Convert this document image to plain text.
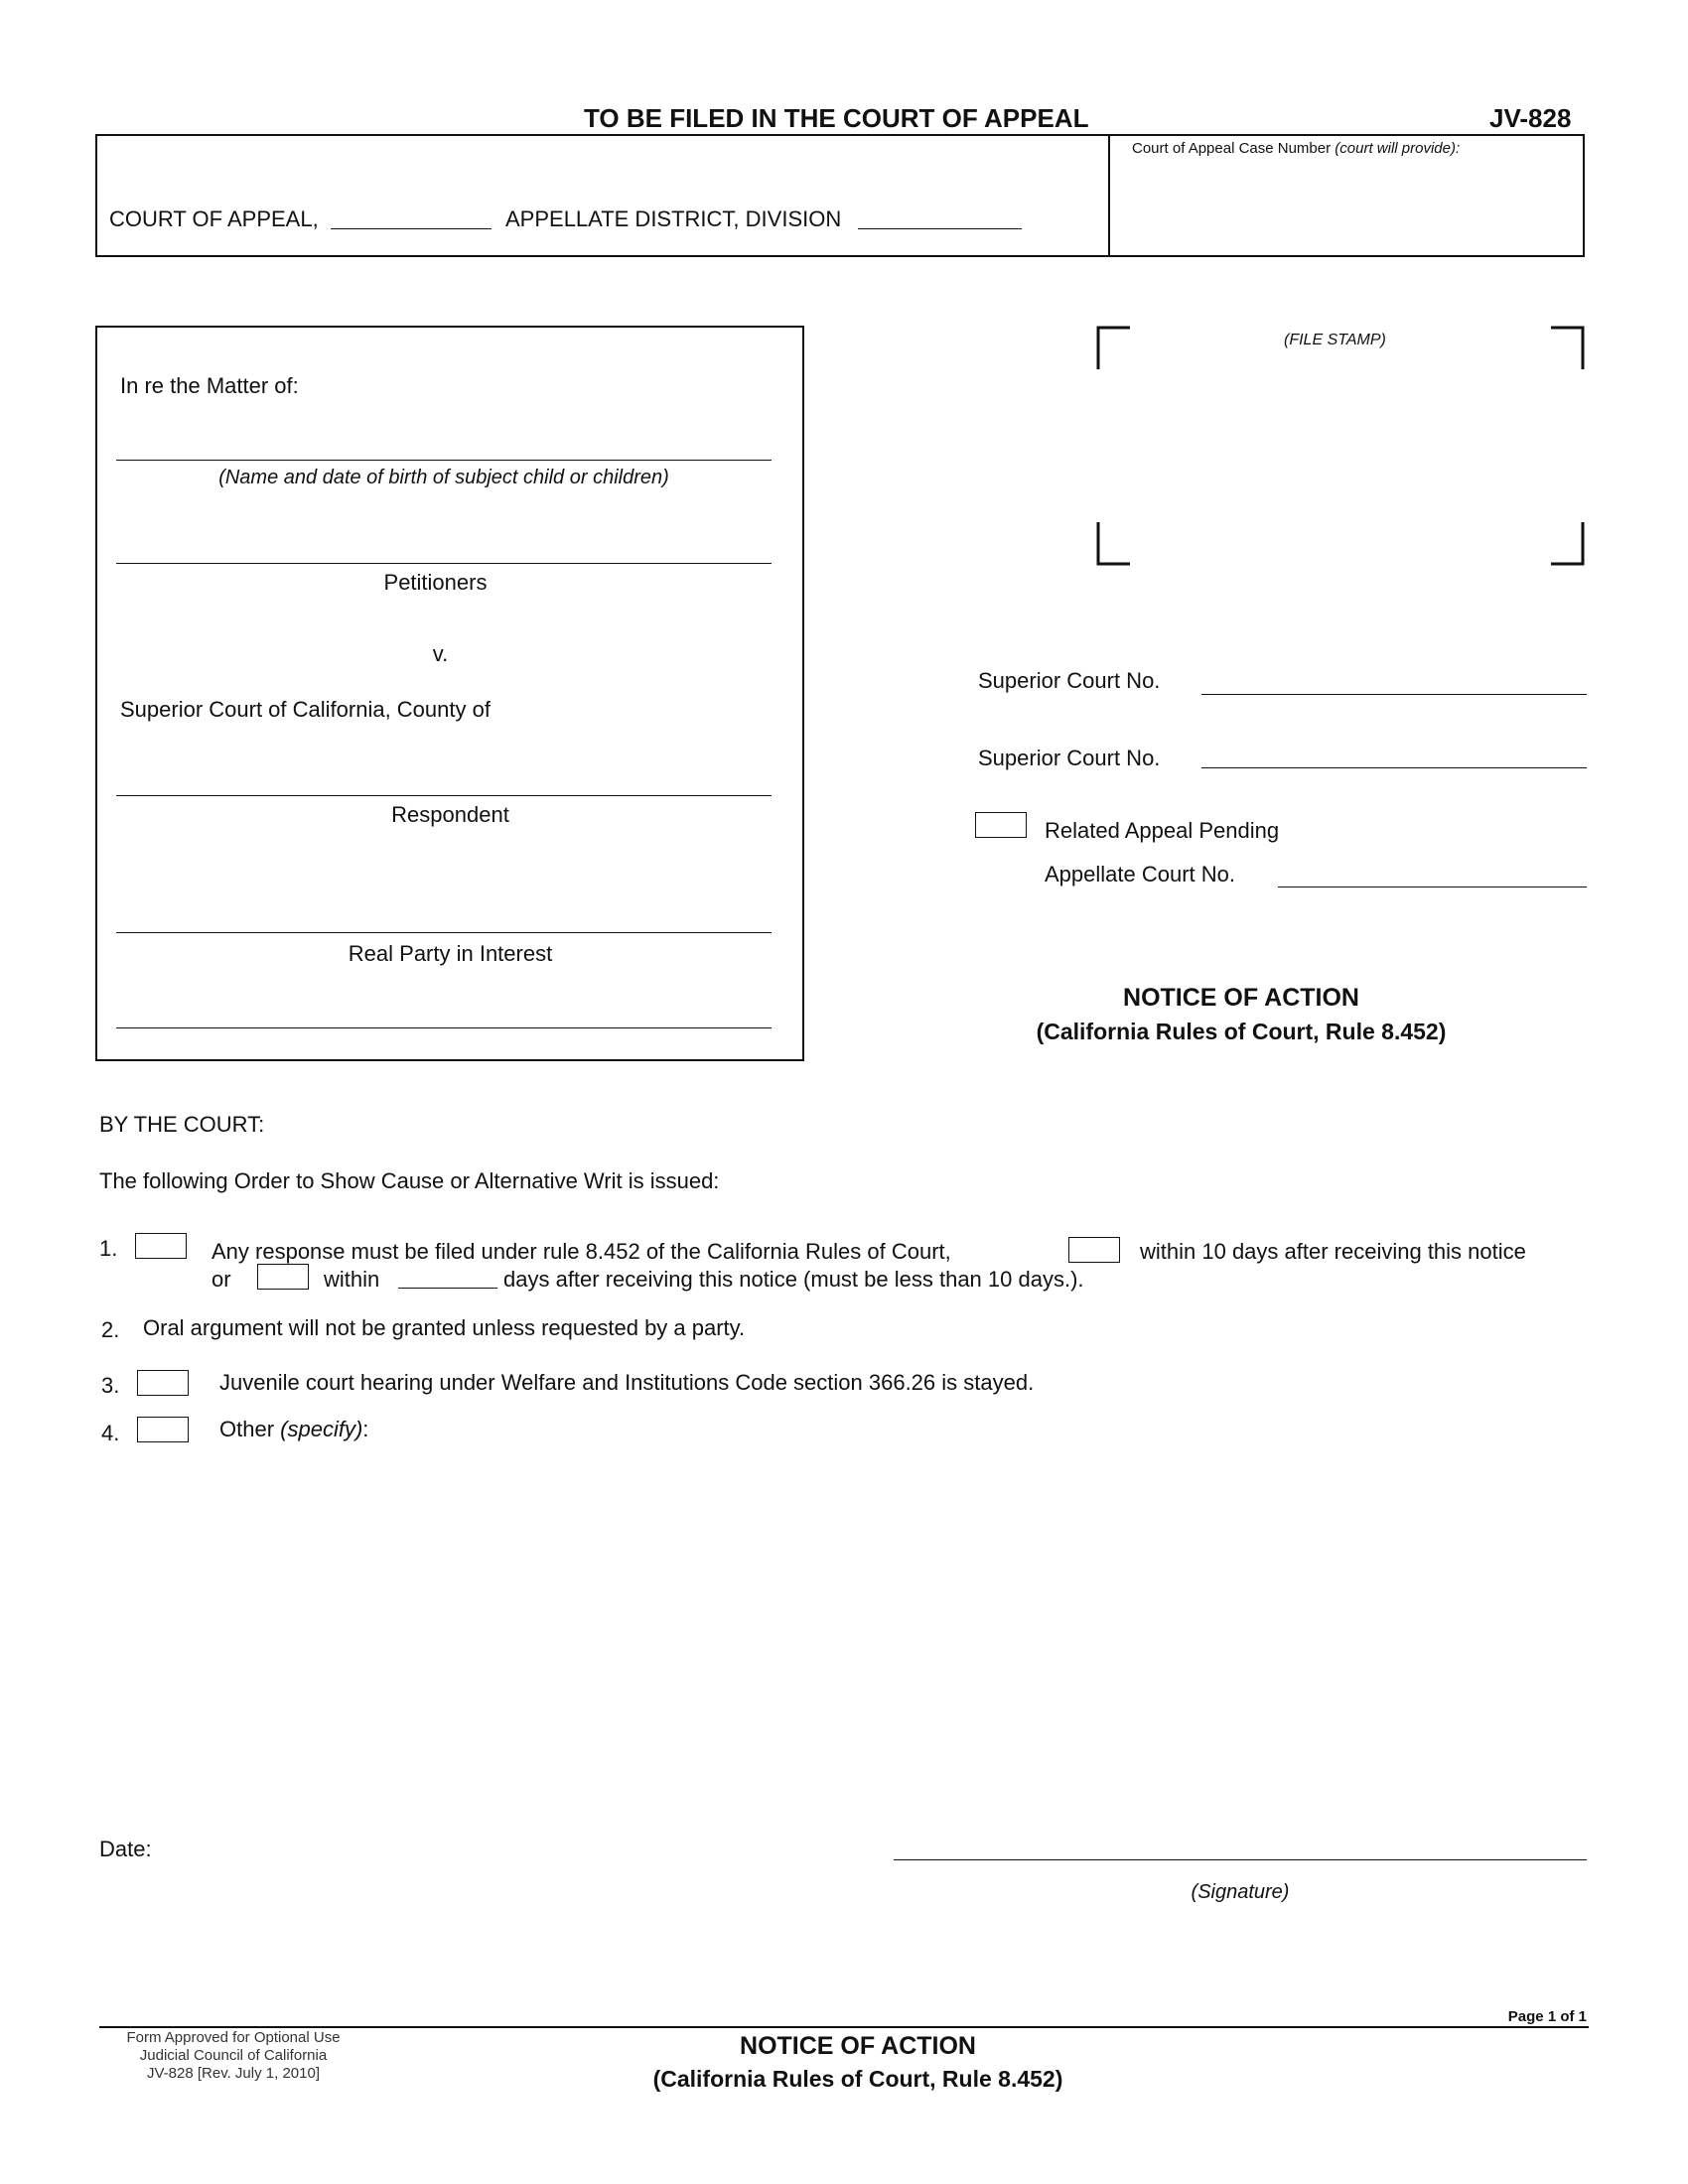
TO BE FILED IN THE COURT OF APPEAL	JV-828
COURT OF APPEAL,	APPELLATE DISTRICT, DIVISION
Court of Appeal Case Number (court will provide):
In re the Matter of:
(Name and date of birth of subject child or children)
Petitioners
v.
Superior Court of California, County of
Respondent
Real Party in Interest
(FILE STAMP)
Superior Court No.
Superior Court No.
Related Appeal Pending
Appellate Court No.
NOTICE OF ACTION
(California Rules of Court, Rule 8.452)
BY THE COURT:
The following Order to Show Cause or Alternative Writ is issued:
1.	Any response must be filed under rule 8.452 of the California Rules of Court,	within 10 days after receiving this notice
or	within	days after receiving this notice (must be less than 10 days.).
2. Oral argument will not be granted unless requested by a party.
3.	Juvenile court hearing under Welfare and Institutions Code section 366.26 is stayed.
4.	Other (specify):
Date:
(Signature)
Page 1 of 1
Form Approved for Optional Use
Judicial Council of California
JV-828 [Rev. July 1, 2010]
NOTICE OF ACTION
(California Rules of Court, Rule 8.452)
